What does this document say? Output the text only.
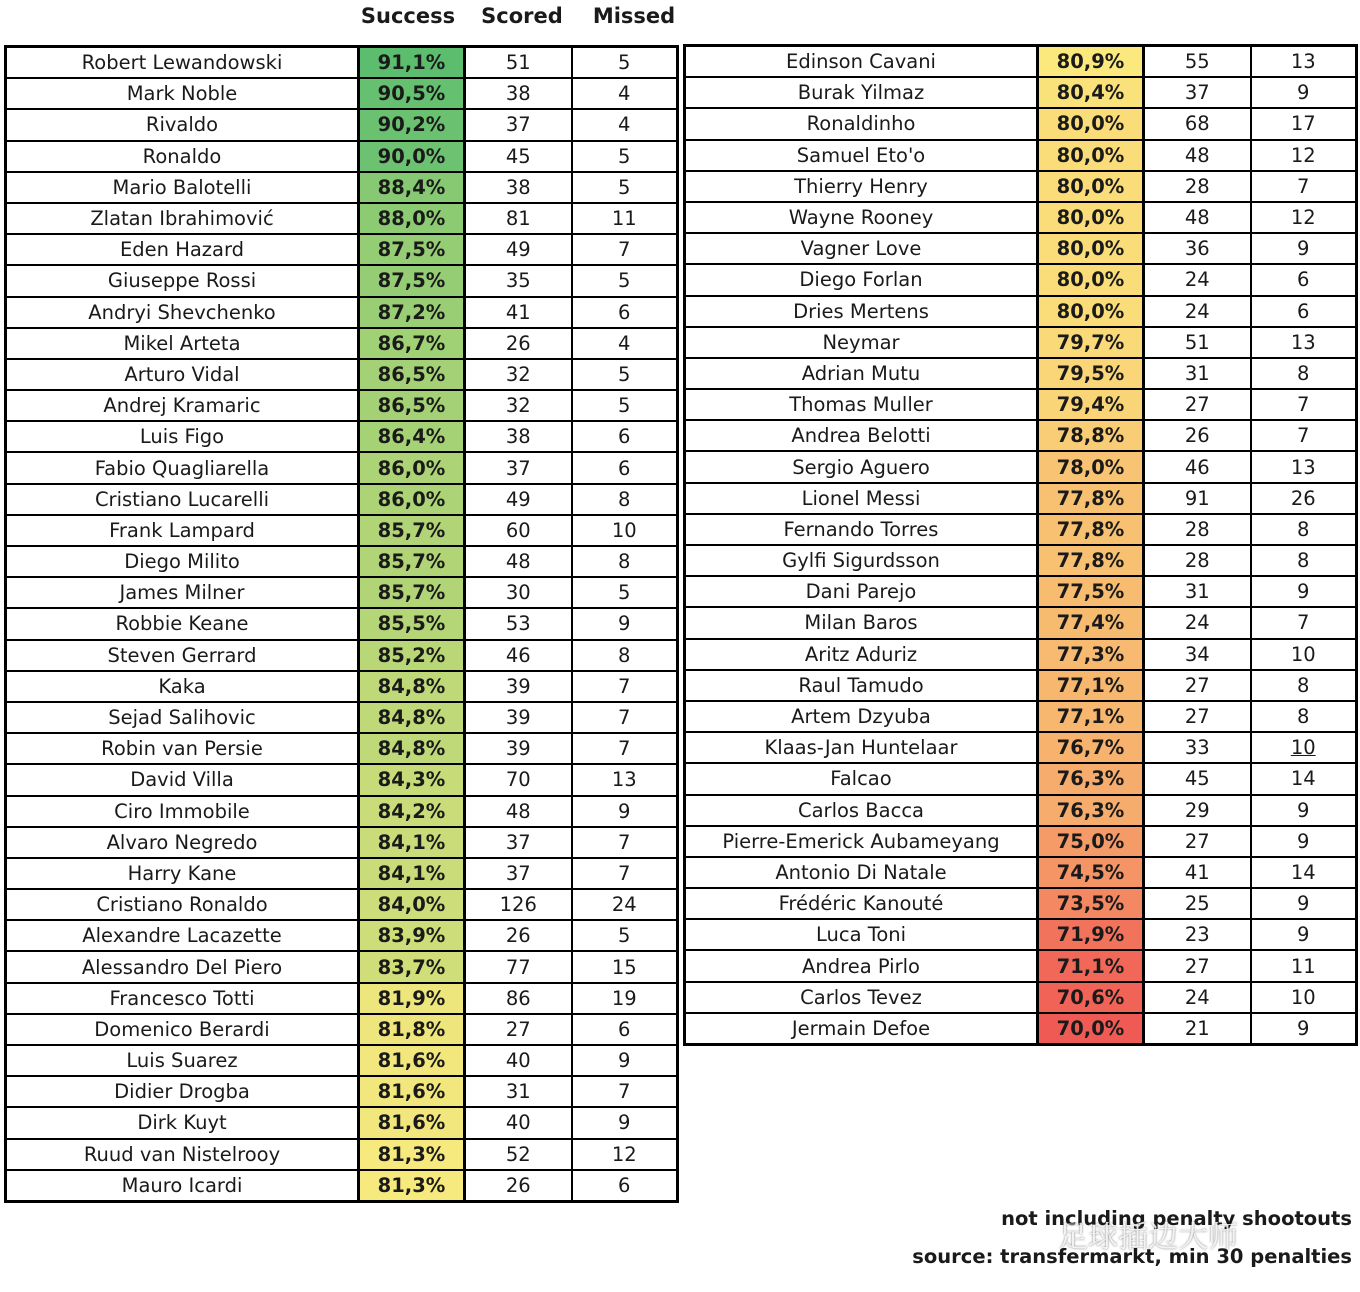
Success	Scored	Missed
Robert Lewandowski	91,1%	51	5
Mark Noble	90,5%	38	4
Rivaldo	90,2%	37	4
Ronaldo	90,0%	45	5
Mario Balotelli	88,4%	38	5
Zlatan Ibrahimović	88,0%	81	11
Eden Hazard	87,5%	49	7
Giuseppe Rossi	87,5%	35	5
Andryi Shevchenko	87,2%	41	6
Mikel Arteta	86,7%	26	4
Arturo Vidal	86,5%	32	5
Andrej Kramaric	86,5%	32	5
Luis Figo	86,4%	38	6
Fabio Quagliarella	86,0%	37	6
Cristiano Lucarelli	86,0%	49	8
Frank Lampard	85,7%	60	10
Diego Milito	85,7%	48	8
James Milner	85,7%	30	5
Robbie Keane	85,5%	53	9
Steven Gerrard	85,2%	46	8
Kaka	84,8%	39	7
Sejad Salihovic	84,8%	39	7
Robin van Persie	84,8%	39	7
David Villa	84,3%	70	13
Ciro Immobile	84,2%	48	9
Alvaro Negredo	84,1%	37	7
Harry Kane	84,1%	37	7
Cristiano Ronaldo	84,0%	126	24
Alexandre Lacazette	83,9%	26	5
Alessandro Del Piero	83,7%	77	15
Francesco Totti	81,9%	86	19
Domenico Berardi	81,8%	27	6
Luis Suarez	81,6%	40	9
Didier Drogba	81,6%	31	7
Dirk Kuyt	81,6%	40	9
Ruud van Nistelrooy	81,3%	52	12
Mauro Icardi	81,3%	26	6
Edinson Cavani	80,9%	55	13
Burak Yilmaz	80,4%	37	9
Ronaldinho	80,0%	68	17
Samuel Eto'o	80,0%	48	12
Thierry Henry	80,0%	28	7
Wayne Rooney	80,0%	48	12
Vagner Love	80,0%	36	9
Diego Forlan	80,0%	24	6
Dries Mertens	80,0%	24	6
Neymar	79,7%	51	13
Adrian Mutu	79,5%	31	8
Thomas Muller	79,4%	27	7
Andrea Belotti	78,8%	26	7
Sergio Aguero	78,0%	46	13
Lionel Messi	77,8%	91	26
Fernando Torres	77,8%	28	8
Gylfi Sigurdsson	77,8%	28	8
Dani Parejo	77,5%	31	9
Milan Baros	77,4%	24	7
Aritz Aduriz	77,3%	34	10
Raul Tamudo	77,1%	27	8
Artem Dzyuba	77,1%	27	8
Klaas-Jan Huntelaar	76,7%	33	10
Falcao	76,3%	45	14
Carlos Bacca	76,3%	29	9
Pierre-Emerick Aubameyang	75,0%	27	9
Antonio Di Natale	74,5%	41	14
Frédéric Kanouté	73,5%	25	9
Luca Toni	71,9%	23	9
Andrea Pirlo	71,1%	27	11
Carlos Tevez	70,6%	24	10
Jermain Defoe	70,0%	21	9
not including penalty shootouts
source: transfermarkt, min 30 penalties
足球插边大师
